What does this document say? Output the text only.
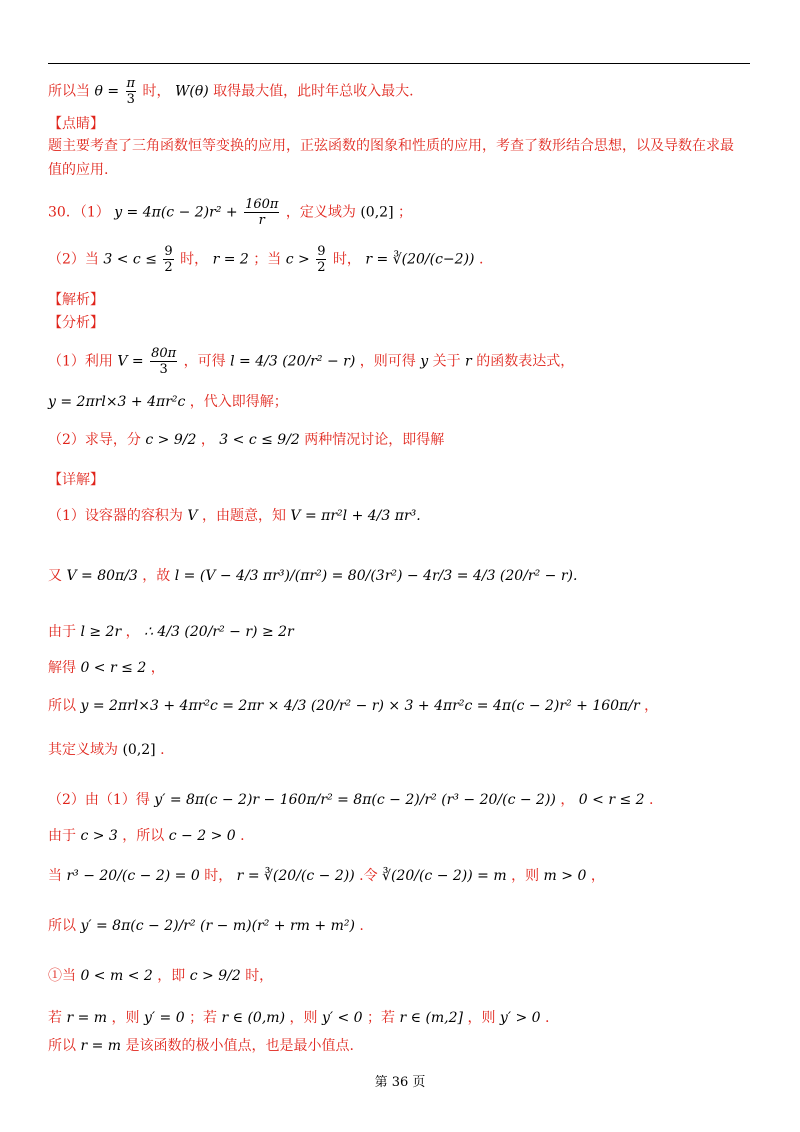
所以当 $\theta = \frac{\pi}{3}$ 时， W(θ) 取得最大值，此时年总收入最大.
【点睛】
题主要考查了三角函数恒等变换的应用，正弦函数的图象和性质的应用，考查了数形结合思想，以及导数在求最
值的应用.
30．（1） $y = 4\pi(c - 2)r^2 + \frac{160\pi}{r}$ ，定义域为 (0,2] ；
（2）当 $3 < c \le \frac{9}{2}$ 时， r = 2 ；当 $c > \frac{9}{2}$ 时， r = ∛(20/(c−2)) .
【解析】
【分析】
（1）利用 $V = \frac{80\pi}{3}$ ，可得 l = 4/3 (20/r² − r) ，则可得 y 关于 r 的函数表达式，
y = 2πrl×3 + 4πr²c ，代入即得解；
（2）求导，分 c > 9/2 ， 3 < c ≤ 9/2 两种情况讨论，即得解
【详解】
（1）设容器的容积为 V ，由题意，知 V = πr²l + 4/3 πr³.
又 V = 80π/3 ，故 l = (V − 4/3 πr³)/(πr²) = 80/(3r²) − 4r/3 = 4/3 (20/r² − r).
由于 l ≥ 2r ， ∴ 4/3 (20/r² − r) ≥ 2r
解得 0 < r ≤ 2 ，
所以 y = 2πrl×3 + 4πr²c = 2πr × 4/3 (20/r² − r) × 3 + 4πr²c = 4π(c − 2)r² + 160π/r ，
其定义域为 (0,2] .
（2）由（1）得 y′ = 8π(c − 2)r − 160π/r² = 8π(c − 2)/r² (r³ − 20/(c − 2)) ， 0 < r ≤ 2 .
由于 c > 3 ，所以 c − 2 > 0 .
当 r³ − 20/(c − 2) = 0 时， r = ∛(20/(c − 2)) .令 ∛(20/(c − 2)) = m ，则 m > 0 ，
所以 y′ = 8π(c − 2)/r² (r − m)(r² + rm + m²) .
①当 0 < m < 2 ，即 c > 9/2 时，
若 r = m ，则 y′ = 0 ；若 r ∈ (0,m) ，则 y′ < 0 ；若 r ∈ (m,2] ，则 y′ > 0 .
所以 r = m 是该函数的极小值点，也是最小值点.
第 36 页
